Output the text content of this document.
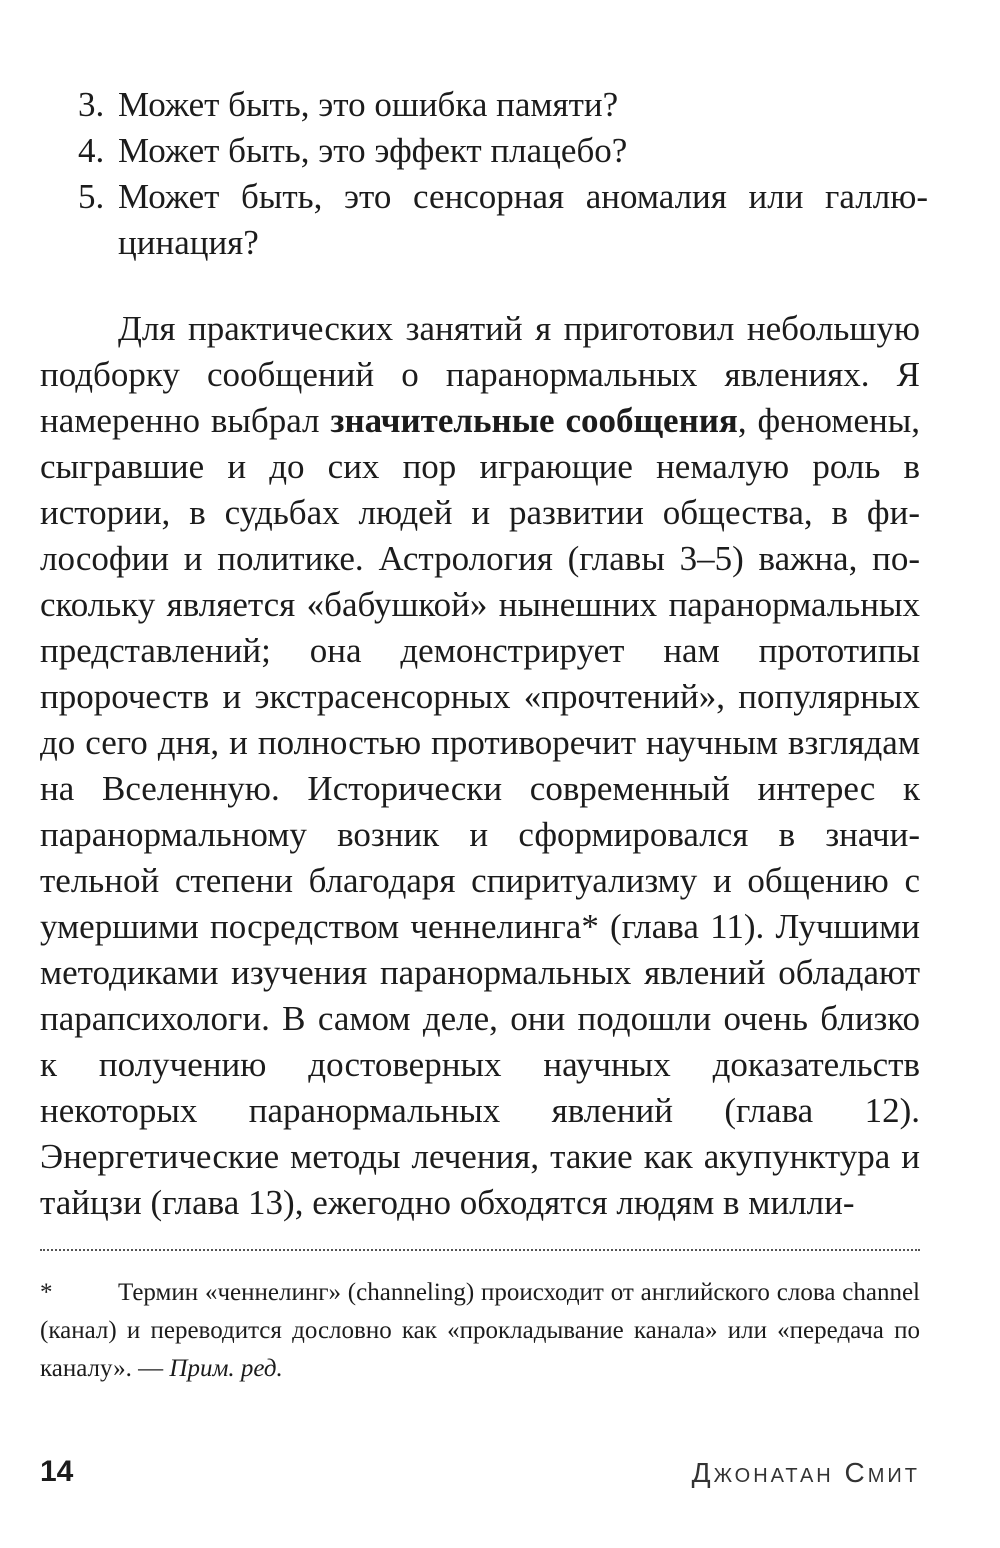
3. Может быть, это ошибка памяти?
4. Может быть, это эффект плацебо?
5. Может быть, это сенсорная аномалия или галлюцинация?

Для практических занятий я приготовил небольшую подборку сообщений о паранормальных явлениях. Я намеренно выбрал значительные сообщения, феномены, сыгравшие и до сих пор играющие немалую роль в истории, в судьбах людей и развитии общества, в философии и политике. Астрология (главы 3–5) важна, поскольку является «бабушкой» нынешних паранормальных представлений; она демонстрирует нам прототипы пророчеств и экстрасенсорных «прочтений», популярных до сего дня, и полностью противоречит научным взглядам на Вселенную. Исторически современный интерес к паранормальному возник и сформировался в значительной степени благодаря спиритуализму и общению с умершими посредством ченнелинга* (глава 11). Лучшими методиками изучения паранормальных явлений обладают парапсихологи. В самом деле, они подошли очень близко к получению достоверных научных доказательств некоторых паранормальных явлений (глава 12). Энергетические методы лечения, такие как акупунктура и тайцзи (глава 13), ежегодно обходятся людям в милли-

*	Термин «ченнелинг» (channeling) происходит от английского слова channel (канал) и переводится дословно как «прокладывание канала» или «передача по каналу». — Прим. ред.

14	Джонатан Смит
